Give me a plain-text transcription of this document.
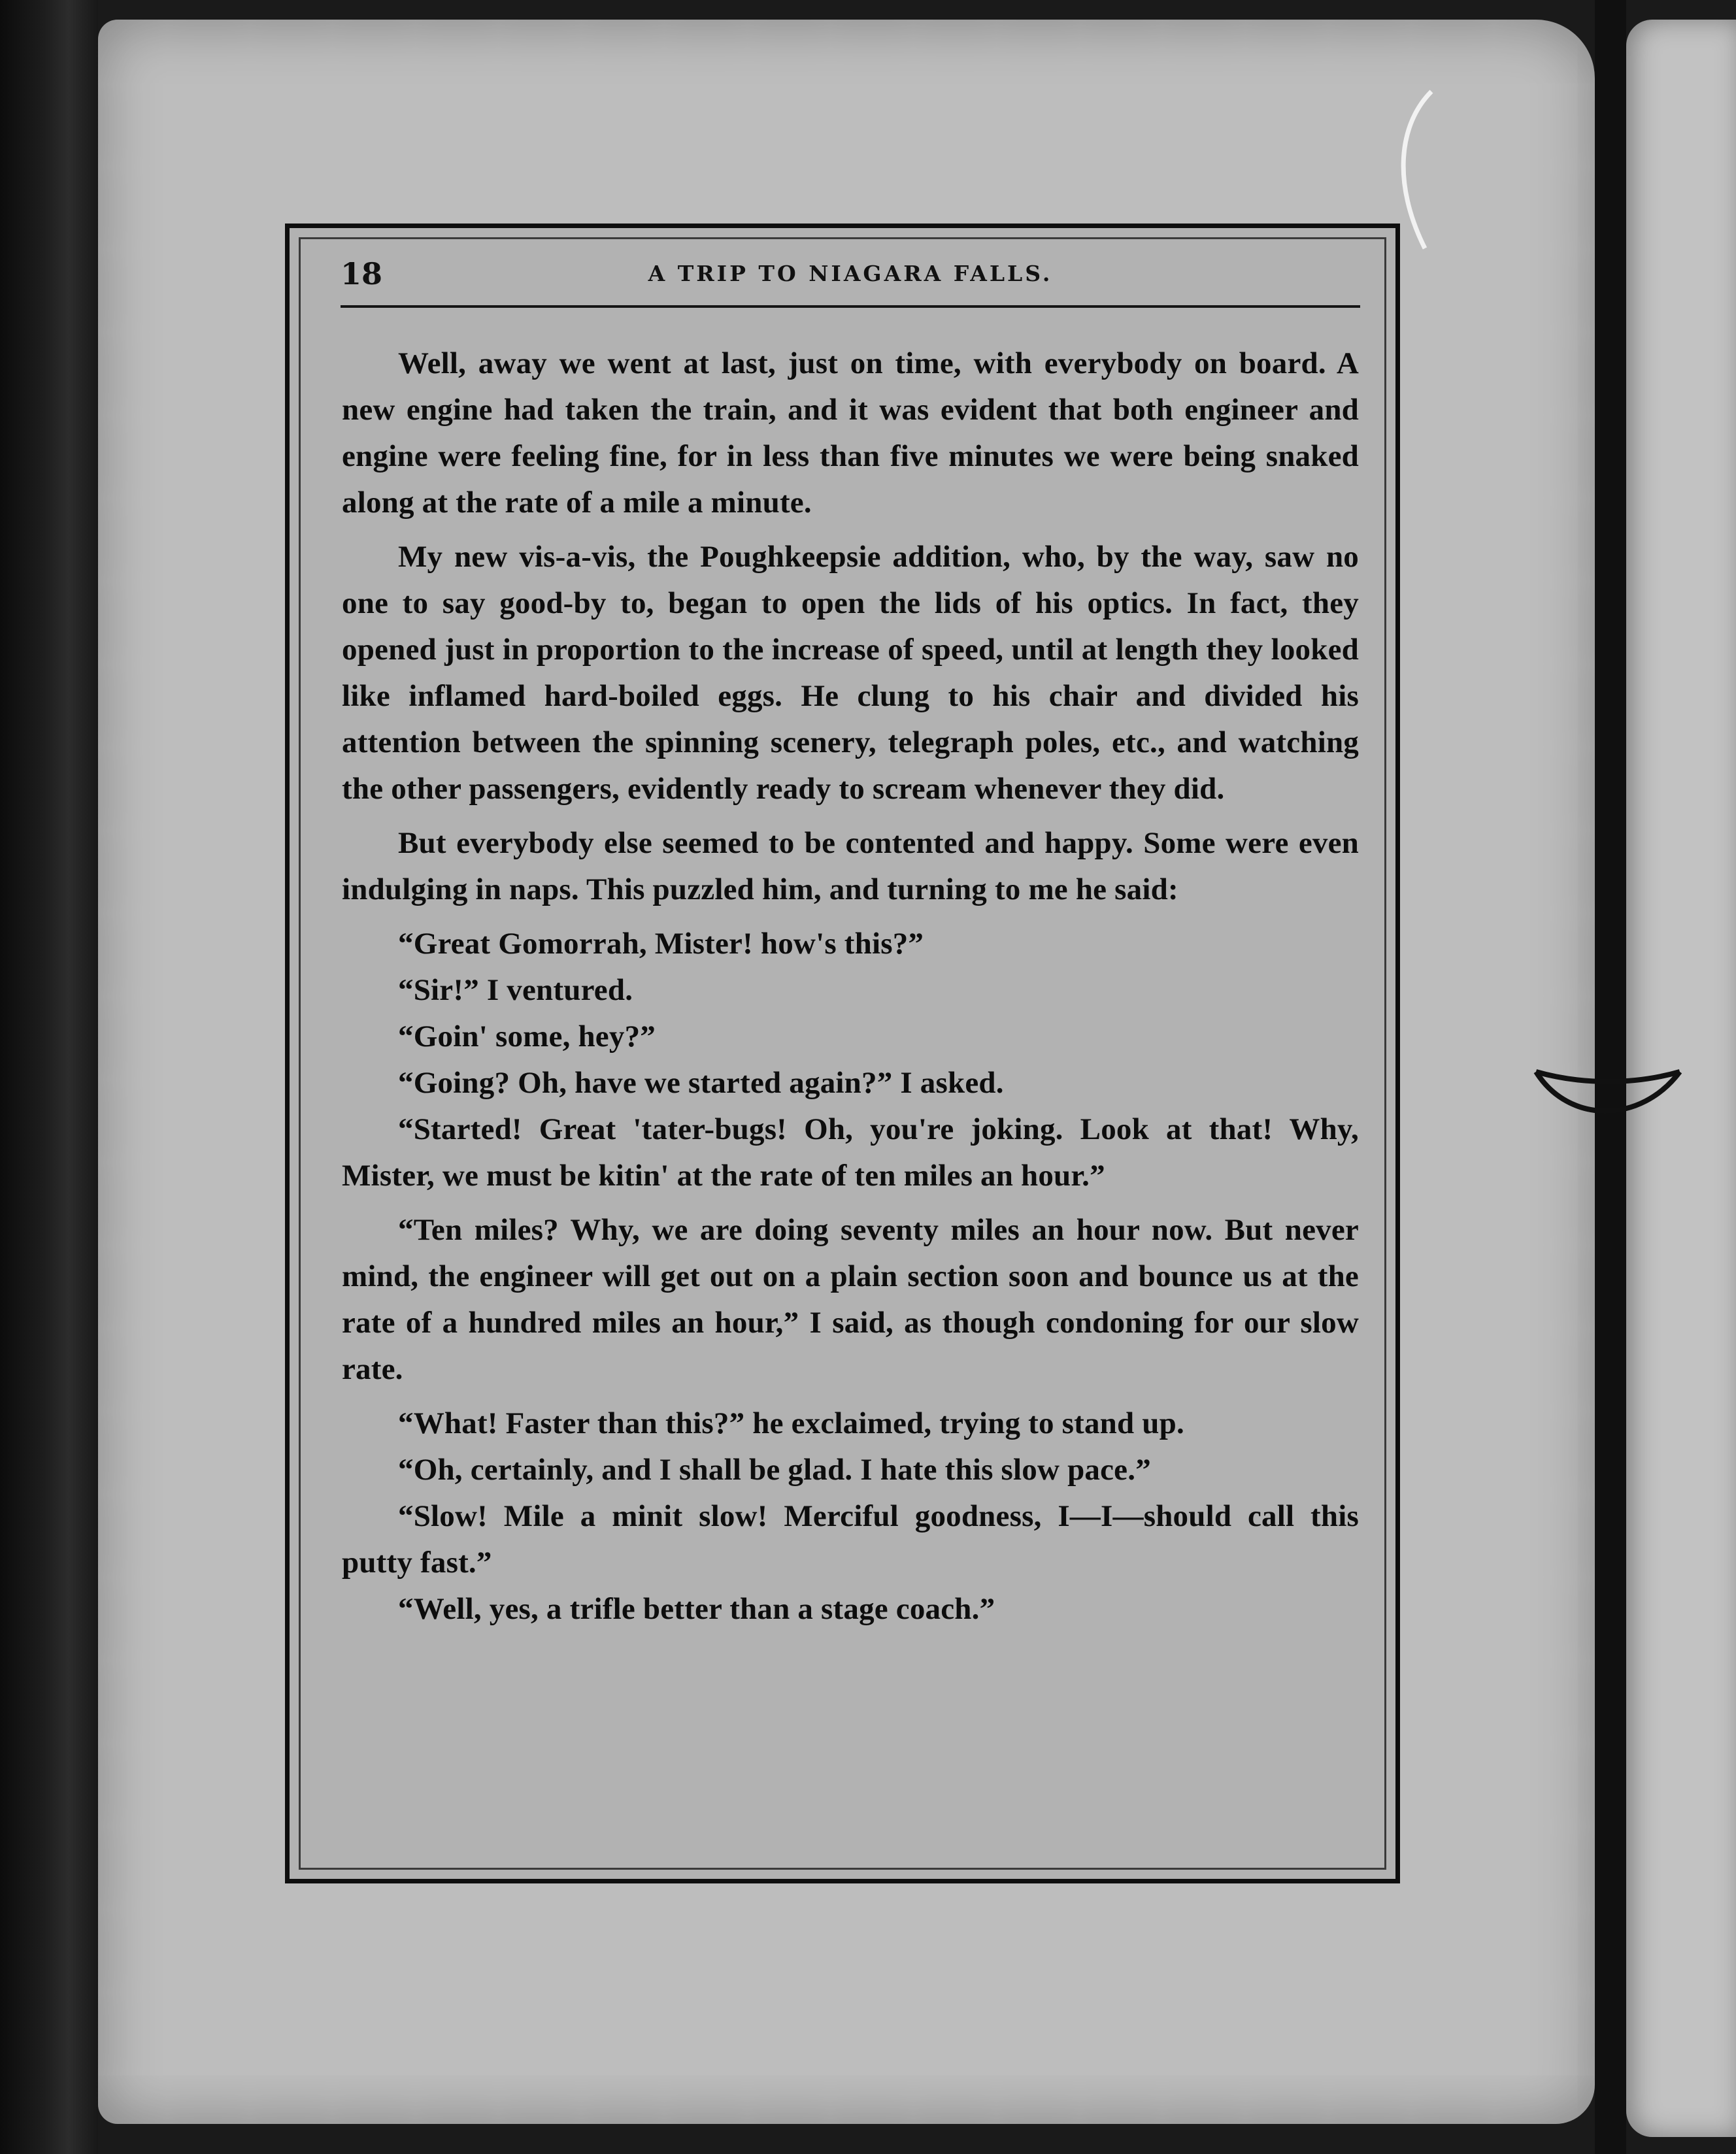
18	A TRIP TO NIAGARA FALLS.

Well, away we went at last, just on time, with everybody on board. A new engine had taken the train, and it was evident that both engineer and engine were feeling fine, for in less than five minutes we were being snaked along at the rate of a mile a minute.

My new vis-a-vis, the Poughkeepsie addition, who, by the way, saw no one to say good-by to, began to open the lids of his optics. In fact, they opened just in proportion to the increase of speed, until at length they looked like inflamed hard-boiled eggs. He clung to his chair and divided his attention between the spinning scenery, telegraph poles, etc., and watching the other passengers, evidently ready to scream whenever they did.

But everybody else seemed to be contented and happy. Some were even indulging in naps. This puzzled him, and turning to me he said:

“Great Gomorrah, Mister! how's this?”

“Sir!” I ventured.

“Goin' some, hey?”

“Going? Oh, have we started again?” I asked.

“Started! Great 'tater-bugs! Oh, you're joking. Look at that! Why, Mister, we must be kitin' at the rate of ten miles an hour.”

“Ten miles? Why, we are doing seventy miles an hour now. But never mind, the engineer will get out on a plain section soon and bounce us at the rate of a hundred miles an hour,” I said, as though condoning for our slow rate.

“What! Faster than this?” he exclaimed, trying to stand up.

“Oh, certainly, and I shall be glad. I hate this slow pace.”

“Slow! Mile a minit slow! Merciful goodness, I—I—should call this putty fast.”

“Well, yes, a trifle better than a stage coach.”
